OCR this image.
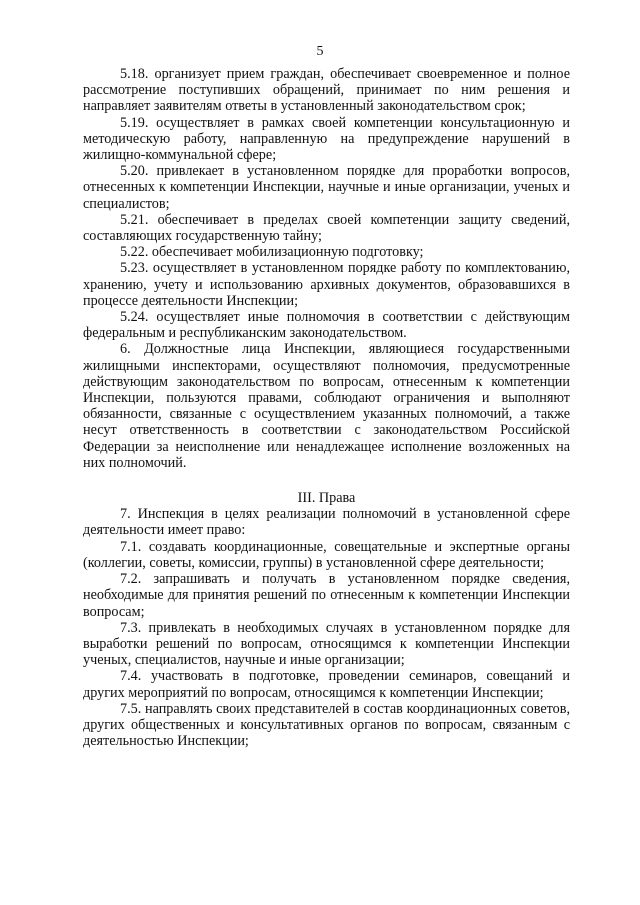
5

5.18. организует прием граждан, обеспечивает своевременное и полное рассмотрение поступивших обращений, принимает по ним решения и направляет заявителям ответы в установленный законодательством срок;

5.19. осуществляет в рамках своей компетенции консультационную и методическую работу, направленную на предупреждение нарушений в жилищно-коммунальной сфере;

5.20. привлекает в установленном порядке для проработки вопросов, отнесенных к компетенции Инспекции, научные и иные организации, ученых и специалистов;

5.21. обеспечивает в пределах своей компетенции защиту сведений, составляющих государственную тайну;

5.22. обеспечивает мобилизационную подготовку;

5.23. осуществляет в установленном порядке работу по комплектованию, хранению, учету и использованию архивных документов, образовавшихся в процессе деятельности Инспекции;

5.24. осуществляет иные полномочия в соответствии с действующим федеральным и республиканским законодательством.

6. Должностные лица Инспекции, являющиеся государственными жилищными инспекторами, осуществляют полномочия, предусмотренные действующим законодательством по вопросам, отнесенным к компетенции Инспекции, пользуются правами, соблюдают ограничения и выполняют обязанности, связанные с осуществлением указанных полномочий, а также несут ответственность в соответствии с законодательством Российской Федерации за неисполнение или ненадлежащее исполнение возложенных на них полномочий.

III. Права

7. Инспекция в целях реализации полномочий в установленной сфере деятельности имеет право:

7.1. создавать координационные, совещательные и экспертные органы (коллегии, советы, комиссии, группы) в установленной сфере деятельности;

7.2. запрашивать и получать в установленном порядке сведения, необходимые для принятия решений по отнесенным к компетенции Инспекции вопросам;

7.3. привлекать в необходимых случаях в установленном порядке для выработки решений по вопросам, относящимся к компетенции Инспекции ученых, специалистов, научные и иные организации;

7.4. участвовать в подготовке, проведении семинаров, совещаний и других мероприятий по вопросам, относящимся к компетенции Инспекции;

7.5. направлять своих представителей в состав координационных советов, других общественных и консультативных органов по вопросам, связанным с деятельностью Инспекции;
